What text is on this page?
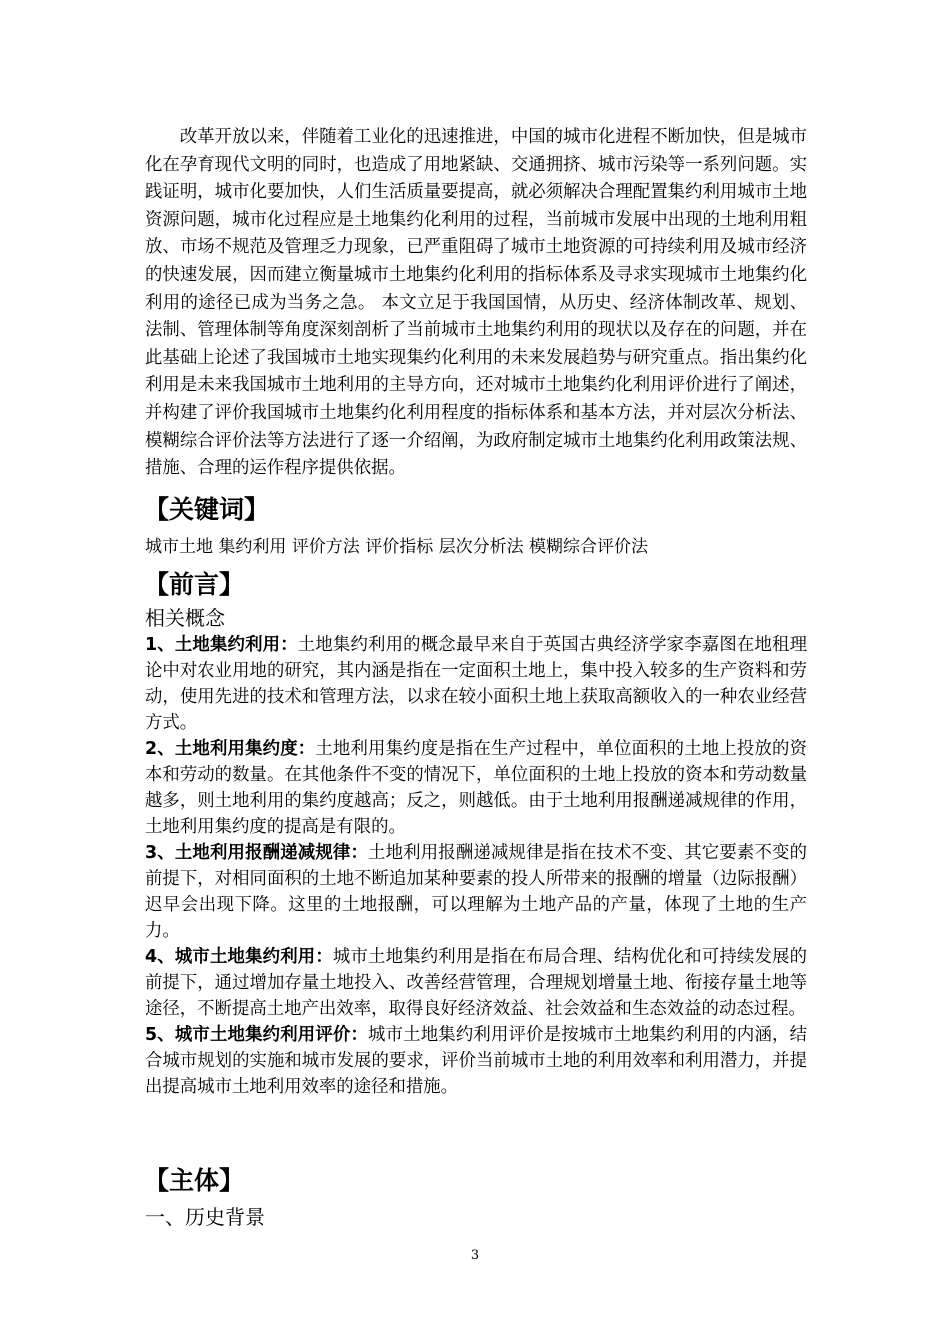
改革开放以来，伴随着工业化的迅速推进，中国的城市化进程不断加快，但是城市化在孕育现代文明的同时，也造成了用地紧缺、交通拥挤、城市污染等一系列问题。实践证明，城市化要加快，人们生活质量要提高，就必须解决合理配置集约利用城市土地资源问题，城市化过程应是土地集约化利用的过程，当前城市发展中出现的土地利用粗放、市场不规范及管理乏力现象，已严重阻碍了城市土地资源的可持续利用及城市经济的快速发展，因而建立衡量城市土地集约化利用的指标体系及寻求实现城市土地集约化利用的途径已成为当务之急。 本文立足于我国国情，从历史、经济体制改革、规划、法制、管理体制等角度深刻剖析了当前城市土地集约利用的现状以及存在的问题，并在此基础上论述了我国城市土地实现集约化利用的未来发展趋势与研究重点。指出集约化利用是未来我国城市土地利用的主导方向，还对城市土地集约化利用评价进行了阐述，并构建了评价我国城市土地集约化利用程度的指标体系和基本方法，并对层次分析法、模糊综合评价法等方法进行了逐一介绍阐，为政府制定城市土地集约化利用政策法规、措施、合理的运作程序提供依据。

【关键词】

城市土地 集约利用 评价方法 评价指标 层次分析法 模糊综合评价法

【前言】
相关概念

1、土地集约利用：土地集约利用的概念最早来自于英国古典经济学家李嘉图在地租理论中对农业用地的研究，其内涵是指在一定面积土地上，集中投入较多的生产资料和劳动，使用先进的技术和管理方法，以求在较小面积土地上获取高额收入的一种农业经营方式。

2、土地利用集约度：土地利用集约度是指在生产过程中，单位面积的土地上投放的资本和劳动的数量。在其他条件不变的情况下，单位面积的土地上投放的资本和劳动数量越多，则土地利用的集约度越高；反之，则越低。由于土地利用报酬递减规律的作用，土地利用集约度的提高是有限的。

3、土地利用报酬递减规律：土地利用报酬递减规律是指在技术不变、其它要素不变的前提下，对相同面积的土地不断追加某种要素的投人所带来的报酬的增量（边际报酬）迟早会出现下降。这里的土地报酬，可以理解为土地产品的产量，体现了土地的生产力。

4、城市土地集约利用：城市土地集约利用是指在布局合理、结构优化和可持续发展的前提下，通过增加存量土地投入、改善经营管理，合理规划增量土地、衔接存量土地等途径，不断提高土地产出效率，取得良好经济效益、社会效益和生态效益的动态过程。

5、城市土地集约利用评价：城市土地集约利用评价是按城市土地集约利用的内涵，结合城市规划的实施和城市发展的要求，评价当前城市土地的利用效率和利用潜力，并提出提高城市土地利用效率的途径和措施。

【主体】
一、历史背景
3
